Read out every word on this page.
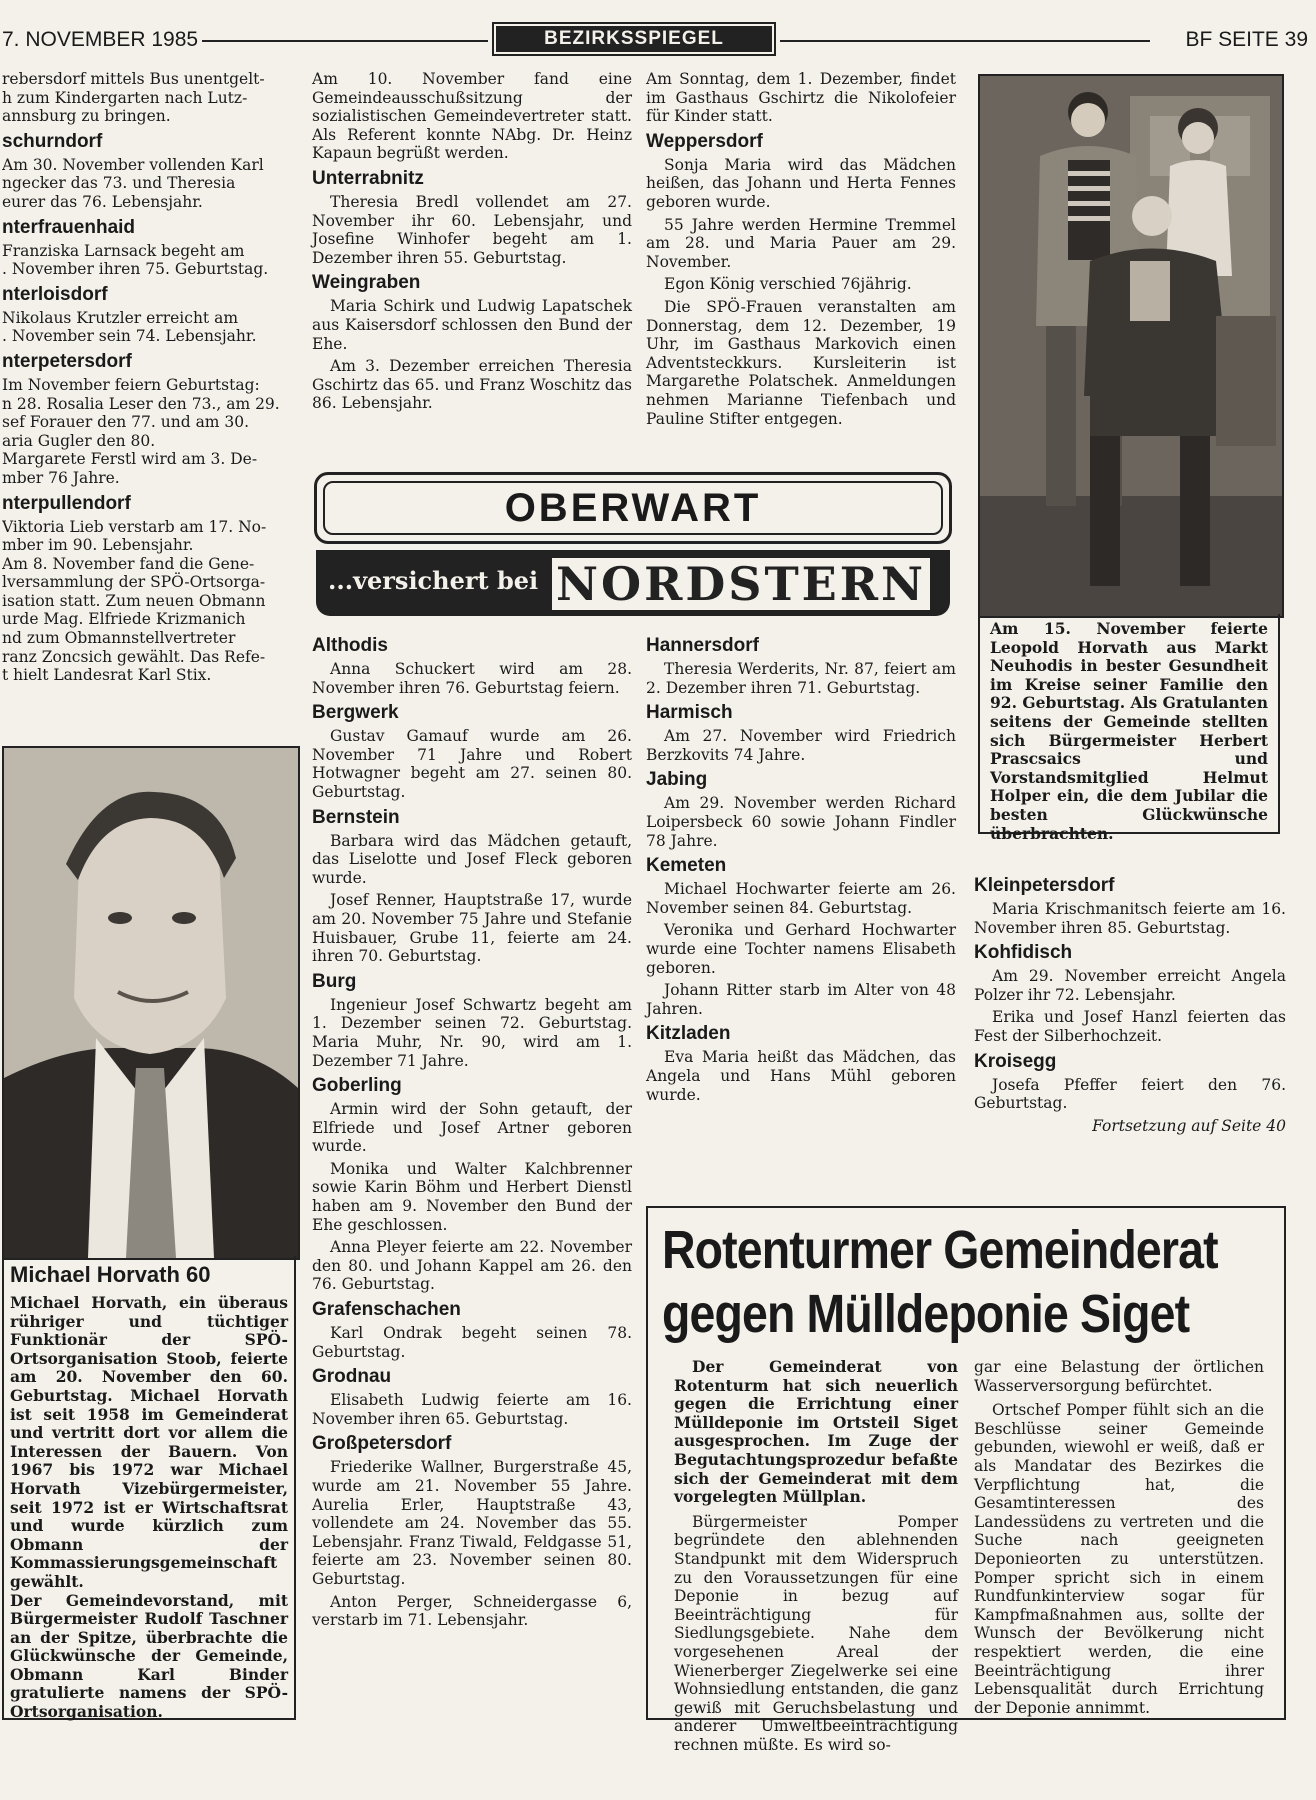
7. NOVEMBER 1985	BEZIRKSSPIEGEL	BF SEITE 39
rebersdorf mittels Bus unentgelt-
h zum Kindergarten nach Lutz-
annsburg zu bringen.
schurndorf
Am 30. November vollenden Karl
ngecker das 73. und Theresia
eurer das 76. Lebensjahr.
nterfrauenhaid
Franziska Larnsack begeht am
. November ihren 75. Geburtstag.
nterloisdorf
Nikolaus Krutzler erreicht am
. November sein 74. Lebensjahr.
nterpetersdorf
Im November feiern Geburtstag:
n 28. Rosalia Leser den 73., am 29.
sef Forauer den 77. und am 30.
aria Gugler den 80.
Margarete Ferstl wird am 3. De-
mber 76 Jahre.
nterpullendorf
Viktoria Lieb verstarb am 17. No-
mber im 90. Lebensjahr.
Am 8. November fand die Gene-
lversammlung der SPÖ-Ortsorga-
isation statt. Zum neuen Obmann
urde Mag. Elfriede Krizmanich
nd zum Obmannstellvertreter
ranz Zoncsich gewählt. Das Refe-
t hielt Landesrat Karl Stix.

Am 10. November fand eine Gemeindeausschußsitzung der sozialistischen Gemeindevertreter statt. Als Referent konnte NAbg. Dr. Heinz Kapaun begrüßt werden.

Unterrabnitz

Theresia Bredl vollendet am 27. November ihr 60. Lebensjahr, und Josefine Winhofer begeht am 1. Dezember ihren 55. Geburtstag.

Weingraben

Maria Schirk und Ludwig Lapatschek aus Kaisersdorf schlossen den Bund der Ehe.

Am 3. Dezember erreichen Theresia Gschirtz das 65. und Franz Woschitz das 86. Lebensjahr.

Am Sonntag, dem 1. Dezember, findet im Gasthaus Gschirtz die Nikolofeier für Kinder statt.

Weppersdorf

Sonja Maria wird das Mädchen heißen, das Johann und Herta Fennes geboren wurde.

55 Jahre werden Hermine Tremmel am 28. und Maria Pauer am 29. November.

Egon König verschied 76jährig.

Die SPÖ-Frauen veranstalten am Donnerstag, dem 12. Dezember, 19 Uhr, im Gasthaus Markovich einen Adventsteckkurs. Kursleiterin ist Margarethe Polatschek. Anmeldungen nehmen Marianne Tiefenbach und Pauline Stifter entgegen.

OBERWART
...versichert bei NORDSTERN
Althodis

Anna Schuckert wird am 28. November ihren 76. Geburtstag feiern.

Bergwerk

Gustav Gamauf wurde am 26. November 71 Jahre und Robert Hotwagner begeht am 27. seinen 80. Geburtstag.

Bernstein

Barbara wird das Mädchen getauft, das Liselotte und Josef Fleck geboren wurde.

Josef Renner, Hauptstraße 17, wurde am 20. November 75 Jahre und Stefanie Huisbauer, Grube 11, feierte am 24. ihren 70. Geburtstag.

Burg

Ingenieur Josef Schwartz begeht am 1. Dezember seinen 72. Geburtstag. Maria Muhr, Nr. 90, wird am 1. Dezember 71 Jahre.

Goberling

Armin wird der Sohn getauft, der Elfriede und Josef Artner geboren wurde.

Monika und Walter Kalchbrenner sowie Karin Böhm und Herbert Dienstl haben am 9. November den Bund der Ehe geschlossen.

Anna Pleyer feierte am 22. November den 80. und Johann Kappel am 26. den 76. Geburtstag.

Grafenschachen

Karl Ondrak begeht seinen 78. Geburtstag.

Grodnau

Elisabeth Ludwig feierte am 16. November ihren 65. Geburtstag.

Großpetersdorf

Friederike Wallner, Burgerstraße 45, wurde am 21. November 55 Jahre. Aurelia Erler, Hauptstraße 43, vollendete am 24. November das 55. Lebensjahr. Franz Tiwald, Feldgasse 51, feierte am 23. November seinen 80. Geburtstag.

Anton Perger, Schneidergasse 6, verstarb im 71. Lebensjahr.

Hannersdorf

Theresia Werderits, Nr. 87, feiert am 2. Dezember ihren 71. Geburtstag.

Harmisch

Am 27. November wird Friedrich Berzkovits 74 Jahre.

Jabing

Am 29. November werden Richard Loipersbeck 60 sowie Johann Findler 78 Jahre.

Kemeten

Michael Hochwarter feierte am 26. November seinen 84. Geburtstag.

Veronika und Gerhard Hochwarter wurde eine Tochter namens Elisabeth geboren.

Johann Ritter starb im Alter von 48 Jahren.

Kitzladen

Eva Maria heißt das Mädchen, das Angela und Hans Mühl geboren wurde.

Kleinpetersdorf

Maria Krischmanitsch feierte am 16. November ihren 85. Geburtstag.

Kohfidisch

Am 29. November erreicht Angela Polzer ihr 72. Lebensjahr.

Erika und Josef Hanzl feierten das Fest der Silberhochzeit.

Kroisegg

Josefa Pfeffer feiert den 76. Geburtstag.

Fortsetzung auf Seite 40
Am 15. November feierte Leopold Horvath aus Markt Neuhodis in bester Gesundheit im Kreise seiner Familie den 92. Geburtstag. Als Gratulanten seitens der Gemeinde stellten sich Bürgermeister Herbert Prascsaics und Vorstandsmitglied Helmut Holper ein, die dem Jubilar die besten Glückwünsche überbrachten.
Michael Horvath 60

Michael Horvath, ein überaus rühriger und tüchtiger Funktionär der SPÖ-Ortsorganisation Stoob, feierte am 20. November den 60. Geburtstag. Michael Horvath ist seit 1958 im Gemeinderat und vertritt dort vor allem die Interessen der Bauern. Von 1967 bis 1972 war Michael Horvath Vizebürgermeister, seit 1972 ist er Wirtschaftsrat und wurde kürzlich zum Obmann der Kommassierungsgemeinschaft gewählt.

Der Gemeindevorstand, mit Bürgermeister Rudolf Taschner an der Spitze, überbrachte die Glückwünsche der Gemeinde, Obmann Karl Binder gratulierte namens der SPÖ-Ortsorganisation.

Rotenturmer Gemeinderat
gegen Mülldeponie Siget

Der Gemeinderat von Rotenturm hat sich neuerlich gegen die Errichtung einer Mülldeponie im Ortsteil Siget ausgesprochen. Im Zuge der Begutachtungsprozedur befaßte sich der Gemeinderat mit dem vorgelegten Müllplan.

Bürgermeister Pomper begründete den ablehnenden Standpunkt mit dem Widerspruch zu den Voraussetzungen für eine Deponie in bezug auf Beeinträchtigung für Siedlungsgebiete. Nahe dem vorgesehenen Areal der Wienerberger Ziegelwerke sei eine Wohnsiedlung entstanden, die ganz gewiß mit Geruchsbelastung und anderer Umweltbeeinträchtigung rechnen müßte. Es wird so-

gar eine Belastung der örtlichen Wasserversorgung befürchtet.

Ortschef Pomper fühlt sich an die Beschlüsse seiner Gemeinde gebunden, wiewohl er weiß, daß er als Mandatar des Bezirkes die Verpflichtung hat, die Gesamtinteressen des Landessüdens zu vertreten und die Suche nach geeigneten Deponieorten zu unterstützen. Pomper spricht sich in einem Rundfunkinterview sogar für Kampfmaßnahmen aus, sollte der Wunsch der Bevölkerung nicht respektiert werden, die eine Beeinträchtigung ihrer Lebensqualität durch Errichtung der Deponie annimmt.
